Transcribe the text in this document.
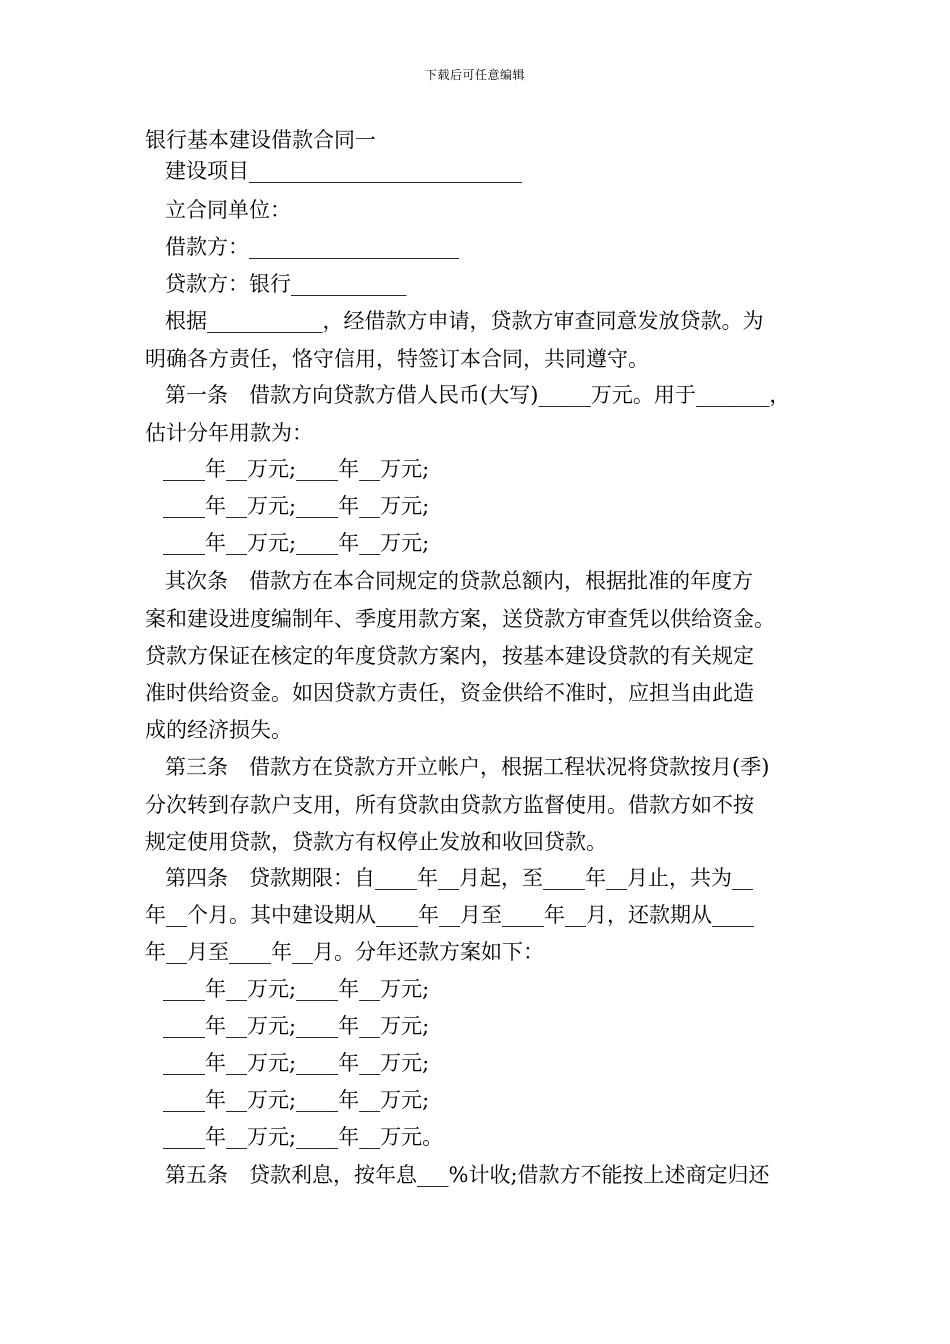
下载后可任意编辑
银行基本建设借款合同一
建设项目__________________________
立合同单位：
借款方：____________________
贷款方：银行___________
根据___________，经借款方申请，贷款方审查同意发放贷款。为
明确各方责任，恪守信用，特签订本合同，共同遵守。
第一条　借款方向贷款方借人民币(大写)_____万元。用于_______，
估计分年用款为：
____年__万元;____年__万元;
____年__万元;____年__万元;
____年__万元;____年__万元;
其次条　借款方在本合同规定的贷款总额内，根据批准的年度方
案和建设进度编制年、季度用款方案，送贷款方审查凭以供给资金。
贷款方保证在核定的年度贷款方案内，按基本建设贷款的有关规定
准时供给资金。如因贷款方责任，资金供给不准时，应担当由此造
成的经济损失。
第三条　借款方在贷款方开立帐户，根据工程状况将贷款按月(季)
分次转到存款户支用，所有贷款由贷款方监督使用。借款方如不按
规定使用贷款，贷款方有权停止发放和收回贷款。
第四条　贷款期限：自____年__月起，至____年__月止，共为__
年__个月。其中建设期从____年__月至____年__月，还款期从____
年__月至____年__月。分年还款方案如下：
____年__万元;____年__万元;
____年__万元;____年__万元;
____年__万元;____年__万元;
____年__万元;____年__万元;
____年__万元;____年__万元。
第五条　贷款利息，按年息___%计收;借款方不能按上述商定归还
